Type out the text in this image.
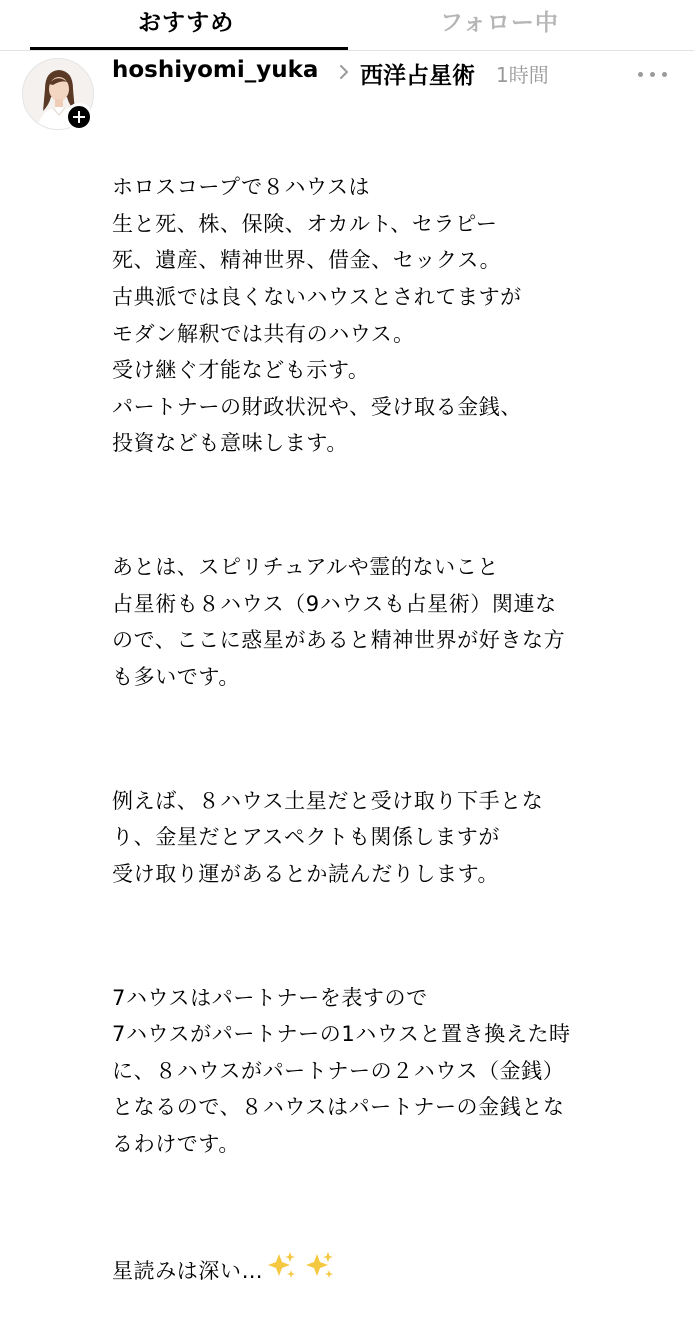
おすすめ	フォロー中
hoshiyomi_yuka 西洋占星術 1時間

ホロスコープで８ハウスは
生と死、株、保険、オカルト、セラピー
死、遺産、精神世界、借金、セックス。
古典派では良くないハウスとされてますが
モダン解釈では共有のハウス。
受け継ぐ才能なども示す。
パートナーの財政状況や、受け取る金銭、
投資なども意味します。

あとは、スピリチュアルや霊的ないこと
占星術も８ハウス（9ハウスも占星術）関連な
ので、ここに惑星があると精神世界が好きな方
も多いです。

例えば、８ハウス土星だと受け取り下手とな
り、金星だとアスペクトも関係しますが
受け取り運があるとか読んだりします。

7ハウスはパートナーを表すので
7ハウスがパートナーの1ハウスと置き換えた時
に、８ハウスがパートナーの２ハウス（金銭）
となるので、８ハウスはパートナーの金銭とな
るわけです。

星読みは深い…
